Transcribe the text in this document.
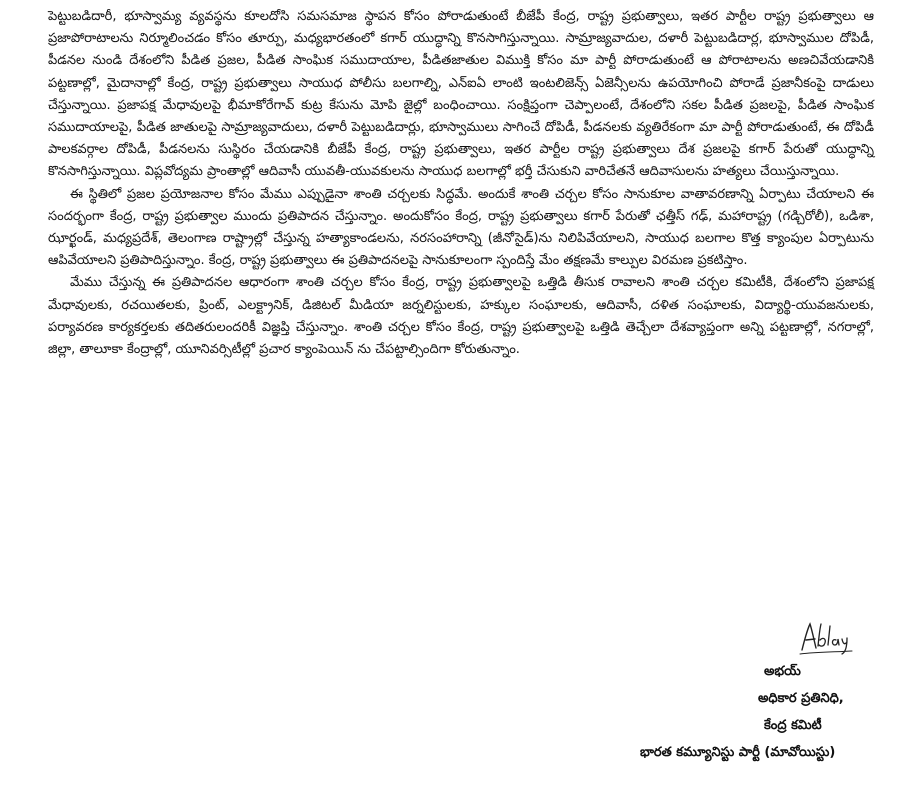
పెట్టుబడిదారీ, భూస్వామ్య వ్యవస్థను కూలదోసి సమసమాజ స్థాపన కోసం పోరాడుతుంటే బీజేపీ కేంద్ర, రాష్ట్ర ప్రభుత్వాలు, ఇతర పార్టీల రాష్ట్ర ప్రభుత్వాలు ఆ ప్రజాపోరాటాలను నిర్మూలించడం కోసం తూర్పు, మధ్యభారతంలో కగార్ యుద్ధాన్ని కొనసాగిస్తున్నాయి. సామ్రాజ్యవాదుల, దళారీ పెట్టుబడిదార్ల, భూస్వాముల దోపిడీ, పీడనల నుండి దేశంలోని పీడిత ప్రజల, పీడిత సాంఘిక సముదాయాల, పీడితజాతుల విముక్తి కోసం మా పార్టీ పోరాడుతుంటే ఆ పోరాటాలను అణచివేయడానికి పట్టణాల్లో, మైదానాల్లో కేంద్ర, రాష్ట్ర ప్రభుత్వాలు సాయుధ పోలీసు బలగాల్ని, ఎన్ఐఏ లాంటి ఇంటలిజెన్స్ ఏజెన్సీలను ఉపయోగించి పోరాడే ప్రజానీకంపై దాడులు చేస్తున్నాయి. ప్రజాపక్ష మేధావులపై భీమాకోరేగావ్ కుట్ర కేసును మోపి జైల్లో బంధించాయి. సంక్షిప్తంగా చెప్పాలంటే, దేశంలోని సకల పీడిత ప్రజలపై, పీడిత సాంఘిక సముదాయాలపై, పీడిత జాతులపై సామ్రాజ్యవాదులు, దళారీ పెట్టుబడిదార్లు, భూస్వాములు సాగించే దోపిడీ, పీడనలకు వ్యతిరేకంగా మా పార్టీ పోరాడుతుంటే, ఈ దోపిడీ పాలకవర్గాల దోపిడీ, పీడనలను సుస్థిరం చేయడానికి బీజేపీ కేంద్ర, రాష్ట్ర ప్రభుత్వాలు, ఇతర పార్టీల రాష్ట్ర ప్రభుత్వాలు దేశ ప్రజలపై కగార్ పేరుతో యుద్ధాన్ని కొనసాగిస్తున్నాయి. విప్లవోద్యమ ప్రాంతాల్లో ఆదివాసీ యువతీ-యువకులను సాయుధ బలగాల్లో భర్తీ చేసుకుని వారిచేతనే ఆదివాసులను హత్యలు చేయిస్తున్నాయి.

ఈ స్థితిలో ప్రజల ప్రయోజనాల కోసం మేము ఎప్పుడైనా శాంతి చర్చలకు సిద్ధమే. అందుకే శాంతి చర్చల కోసం సానుకూల వాతావరణాన్ని ఏర్పాటు చేయాలని ఈ సందర్భంగా కేంద్ర, రాష్ట్ర ప్రభుత్వాల ముందు ప్రతిపాదన చేస్తున్నాం. అందుకోసం కేంద్ర, రాష్ట్ర ప్రభుత్వాలు కగార్ పేరుతో ఛత్తీస్ గఢ్, మహారాష్ట్ర (గడ్చిరోలీ), ఒడిశా, ఝార్ఖండ్, మధ్యప్రదేశ్, తెలంగాణ రాష్ట్రాల్లో చేస్తున్న హత్యాకాండలను, నరసంహారాన్ని (జీనోసైడ్)ను నిలిపివేయాలని, సాయుధ బలగాల కొత్త క్యాంపుల ఏర్పాటును ఆపివేయాలని ప్రతిపాదిస్తున్నాం. కేంద్ర, రాష్ట్ర ప్రభుత్వాలు ఈ ప్రతిపాదనలపై సానుకూలంగా స్పందిస్తే మేం తక్షణమే కాల్పుల విరమణ ప్రకటిస్తాం.

మేము చేస్తున్న ఈ ప్రతిపాదనల ఆధారంగా శాంతి చర్చల కోసం కేంద్ర, రాష్ట్ర ప్రభుత్వాలపై ఒత్తిడి తీసుక రావాలని శాంతి చర్చల కమిటీకి, దేశంలోని ప్రజాపక్ష మేధావులకు, రచయితలకు, ప్రింట్, ఎలక్ట్రానిక్, డిజిటల్ మీడియా జర్నలిస్టులకు, హక్కుల సంఘాలకు, ఆదివాసీ, దళిత సంఘాలకు, విద్యార్థి-యువజనులకు, పర్యావరణ కార్యకర్తలకు తదితరులందరికీ విజ్ఞప్తి చేస్తున్నాం. శాంతి చర్చల కోసం కేంద్ర, రాష్ట్ర ప్రభుత్వాలపై ఒత్తిడి తెచ్చేలా దేశవ్యాప్తంగా అన్ని పట్టణాల్లో, నగరాల్లో, జిల్లా, తాలూకా కేంద్రాల్లో, యూనివర్సిటీల్లో ప్రచార క్యాంపెయిన్ ను చేపట్టాల్సిందిగా కోరుతున్నాం.

అభయ్
అధికార ప్రతినిధి,
కేంద్ర కమిటీ
భారత కమ్యూనిస్టు పార్టీ (మావోయిస్టు)
